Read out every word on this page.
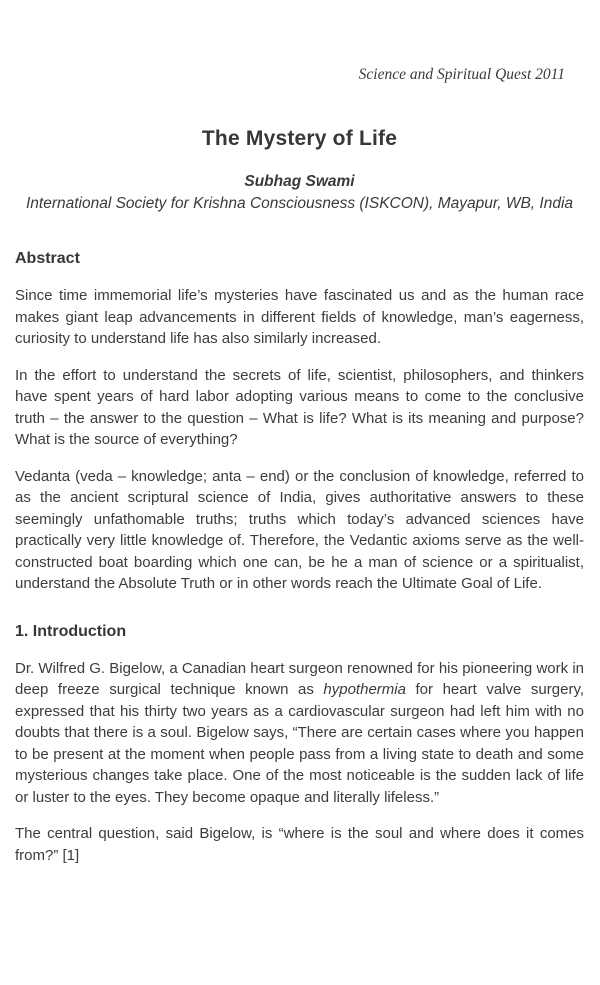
Science and Spiritual Quest 2011
The Mystery of Life
Subhag Swami
International Society for Krishna Consciousness (ISKCON), Mayapur, WB, India
Abstract

Since time immemorial life’s mysteries have fascinated us and as the human race makes giant leap advancements in different fields of knowledge, man’s eagerness, curiosity to understand life has also similarly increased.

In the effort to understand the secrets of life, scientist, philosophers, and thinkers have spent years of hard labor adopting various means to come to the conclusive truth – the answer to the question – What is life? What is its meaning and purpose? What is the source of everything?

Vedanta (veda – knowledge; anta – end) or the conclusion of knowledge, referred to as the ancient scriptural science of India, gives authoritative answers to these seemingly unfathomable truths; truths which today’s advanced sciences have practically very little knowledge of. Therefore, the Vedantic axioms serve as the well-constructed boat boarding which one can, be he a man of science or a spiritualist, understand the Absolute Truth or in other words reach the Ultimate Goal of Life.

1. Introduction

Dr. Wilfred G. Bigelow, a Canadian heart surgeon renowned for his pioneering work in deep freeze surgical technique known as hypothermia for heart valve surgery, expressed that his thirty two years as a cardiovascular surgeon had left him with no doubts that there is a soul. Bigelow says, “There are certain cases where you happen to be present at the moment when people pass from a living state to death and some mysterious changes take place. One of the most noticeable is the sudden lack of life or luster to the eyes. They become opaque and literally lifeless.”

The central question, said Bigelow, is “where is the soul and where does it comes from?” [1]
